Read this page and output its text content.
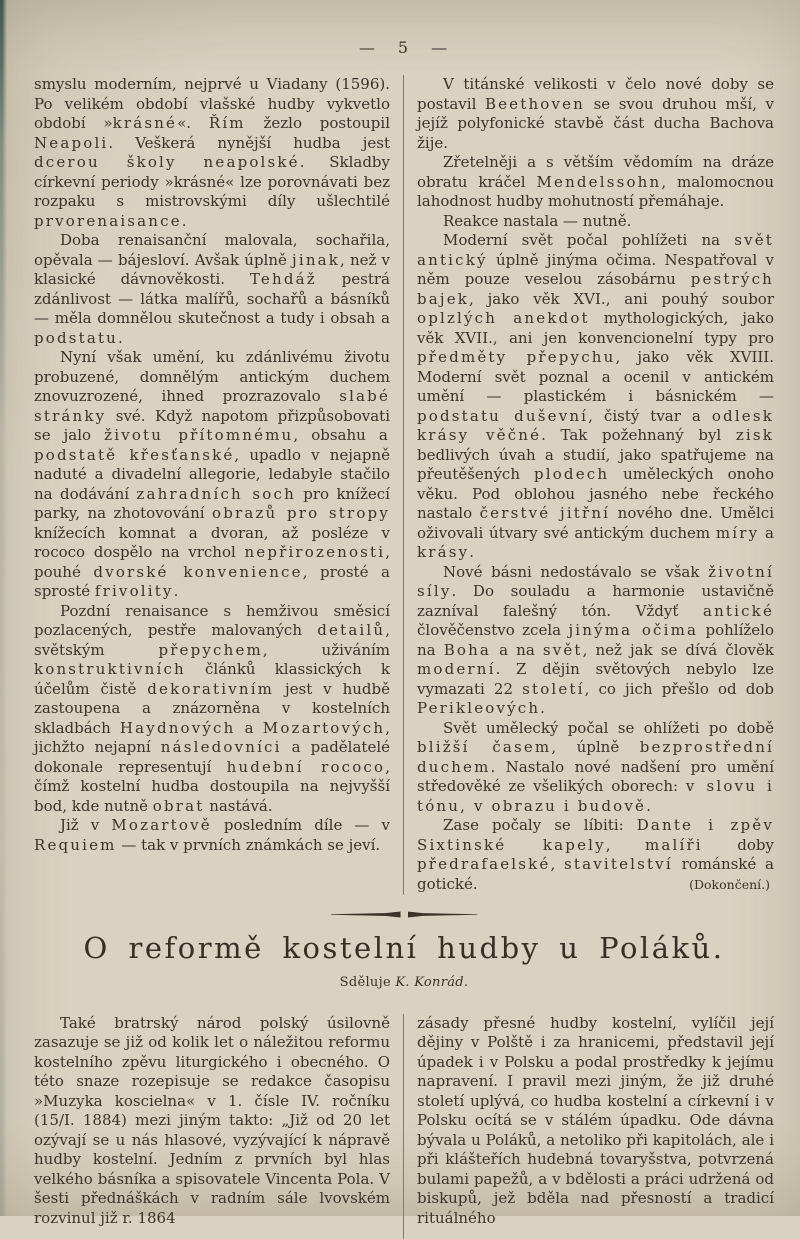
— 5 —

smyslu moderním, nejprvé u Viadany (1596). Po velikém období vlašské hudby vykvetlo období »krásné«. Řím žezlo postoupil Neapoli. Veškerá nynější hudba jest dcerou školy neapolské. Skladby církevní periody »krásné« lze porovnávati bez rozpaku s mistrovskými díly ušlechtilé prvorenaisance.

Doba renaisanční malovala, sochařila, opěvala — bájesloví. Avšak úplně jinak, než v klasické dávnověkosti. Tehdáž pestrá zdánlivost — látka malířů, sochařů a básníků — měla domnělou skutečnost a tudy i obsah a podstatu.

Nyní však umění, ku zdánlivému životu probuzené, domnělým antickým duchem znovuzrozené, ihned prozrazovalo slabé stránky své. Když napotom přizpůsobovati se jalo životu přítomnému, obsahu a podstatě křesťanské, upadlo v nejapně naduté a divadelní allegorie, ledabyle stačilo na dodávání zahradních soch pro knížecí parky, na zhotovování obrazů pro stropy knížecích komnat a dvoran, až posléze v rococo dospělo na vrchol nepřirozenosti, pouhé dvorské konvenience, prosté a sprosté frivolity.

Pozdní renaisance s hemživou směsicí pozlacených, pestře malovaných detailů, světským přepychem, uživáním konstruktivních článků klassických k účelům čistě dekorativním jest v hudbě zastoupena a znázorněna v kostelních skladbách Haydnových a Mozartových, jichžto nejapní následovníci a padělatelé dokonale representují hudební rococo, čímž kostelní hudba dostoupila na nejvyšší bod, kde nutně obrat nastává.

Již v Mozartově posledním díle — v Requiem — tak v prvních známkách se jeví.

V titánské velikosti v čelo nové doby se postavil Beethoven se svou druhou mší, v jejíž polyfonické stavbě část ducha Bachova žije.

Zřetelněji a s větším vědomím na dráze obratu kráčel Mendelssohn, malomocnou lahodnost hudby mohutností přemáhaje.

Reakce nastala — nutně.

Moderní svět počal pohlížeti na svět antický úplně jinýma očima. Nespatřoval v něm pouze veselou zásobárnu pestrých bajek, jako věk XVI., ani pouhý soubor oplzlých anekdot mythologických, jako věk XVII., ani jen konvencionelní typy pro předměty přepychu, jako věk XVIII. Moderní svět poznal a ocenil v antickém umění — plastickém i básnickém — podstatu duševní, čistý tvar a odlesk krásy věčné. Tak požehnaný byl zisk bedlivých úvah a studií, jako spatřujeme na přeutěšených plodech uměleckých onoho věku. Pod oblohou jasného nebe řeckého nastalo čerstvé jitřní nového dne. Umělci oživovali útvary své antickým duchem míry a krásy.

Nové básni nedostávalo se však životní síly. Do souladu a harmonie ustavičně zazníval falešný tón. Vždyť antické člověčenstvo zcela jinýma očima pohlíželo na Boha a na svět, než jak se dívá člověk moderní. Z dějin světových nebylo lze vymazati 22 století, co jich přešlo od dob Perikleových.

Svět umělecký počal se ohlížeti po době bližší časem, úplně bezprostřední duchem. Nastalo nové nadšení pro umění středověké ze všelikých oborech: v slovu i tónu, v obrazu i budově.

Zase počaly se líbiti: Dante i zpěv Sixtinské kapely, malíři doby předrafaelské, stavitelství románské a gotické.	(Dokončení.)
O reformě kostelní hudby u Poláků.

Sděluje K. Konrád.

Také bratrský národ polský úsilovně zasazuje se již od kolik let o náležitou reformu kostelního zpěvu liturgického i obecného. O této snaze rozepisuje se redakce časopisu »Muzyka koscielna« v 1. čísle IV. ročníku (15/I. 1884) mezi jiným takto: „Již od 20 let ozývají se u nás hlasové, vyzývající k nápravě hudby kostelní. Jedním z prvních byl hlas velkého básníka a spisovatele Vincenta Pola. V šesti přednáškách v radním sále lvovském rozvinul již r. 1864

zásady přesné hudby kostelní, vylíčil její dějiny v Polště i za hranicemi, představil její úpadek i v Polsku a podal prostředky k jejímu napravení. I pravil mezi jiným, že již druhé století uplývá, co hudba kostelní a církevní i v Polsku ocítá se v stálém úpadku. Ode dávna bývala u Poláků, a netoliko při kapitolách, ale i při klášteřích hudebná tovaryšstva, potvrzená bulami papežů, a v bdělosti a práci udržená od biskupů, jež bděla nad přesností a tradicí rituálného
